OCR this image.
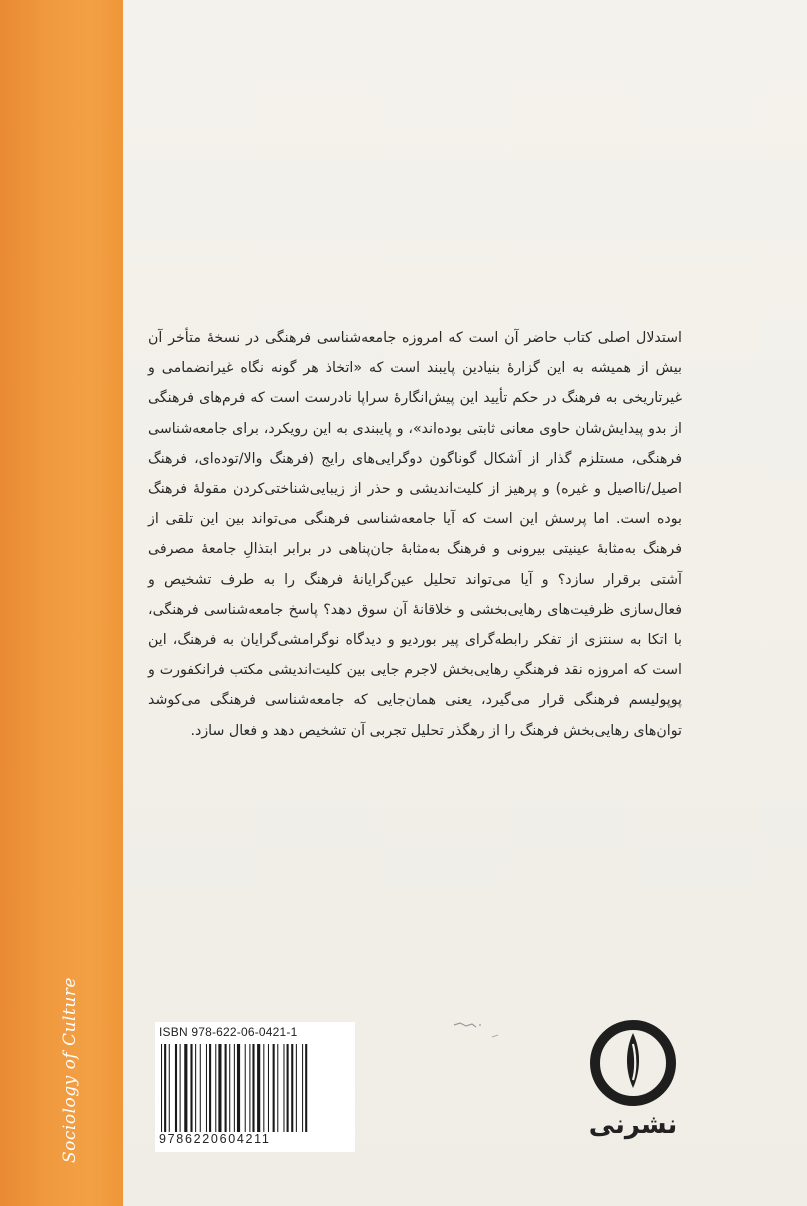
Sociology of Culture

استدلال اصلی کتاب حاضر آن است که امروزه جامعه‌شناسی فرهنگی در نسخهٔ متأخر آن بیش از همیشه به این گزارهٔ بنیادین پایبند است که «اتخاذ هر گونه نگاه غیرانضمامی و غیرتاریخی به فرهنگ در حکم تأیید این پیش‌انگارهٔ سراپا نادرست است که فرم‌های فرهنگی از بدو پیدایش‌شان حاوی معانی ثابتی بوده‌اند»، و پایبندی به این رویکرد، برای جامعه‌شناسی فرهنگی، مستلزم گذار از اَشکال گوناگون دوگرایی‌های رایج (فرهنگ والا/توده‌ای، فرهنگ اصیل/نااصیل و غیره) و پرهیز از کلیت‌اندیشی و حذر از زیبایی‌شناختی‌کردن مقولهٔ فرهنگ بوده است. اما پرسش این است که آیا جامعه‌شناسی فرهنگی می‌تواند بین این تلقی از فرهنگ به‌مثابهٔ عینیتی بیرونی و فرهنگ به‌مثابهٔ جان‌پناهی در برابر ابتذالِ جامعهٔ مصرفی آشتی برقرار سازد؟ و آیا می‌تواند تحلیل عین‌گرایانهٔ فرهنگ را به طرف تشخیص و فعال‌سازی ظرفیت‌های رهایی‌بخشی و خلاقانهٔ آن سوق دهد؟ پاسخ جامعه‌شناسی فرهنگی، با اتکا به سنتزی از تفکر رابطه‌گرای پیر بوردیو و دیدگاه نوگرامشی‌گرایان به فرهنگ، این است که امروزه نقد فرهنگیِ رهایی‌بخش لاجرم جایی بین کلیت‌اندیشی مکتب فرانکفورت و پوپولیسم فرهنگی قرار می‌گیرد، یعنی همان‌جایی که جامعه‌شناسی فرهنگی می‌کوشد توان‌های رهایی‌بخش فرهنگ را از رهگذر تحلیل تجربی آن تشخیص دهد و فعال سازد.

ISBN 978-622-06-0421-1
9786220604211	نشرنی
